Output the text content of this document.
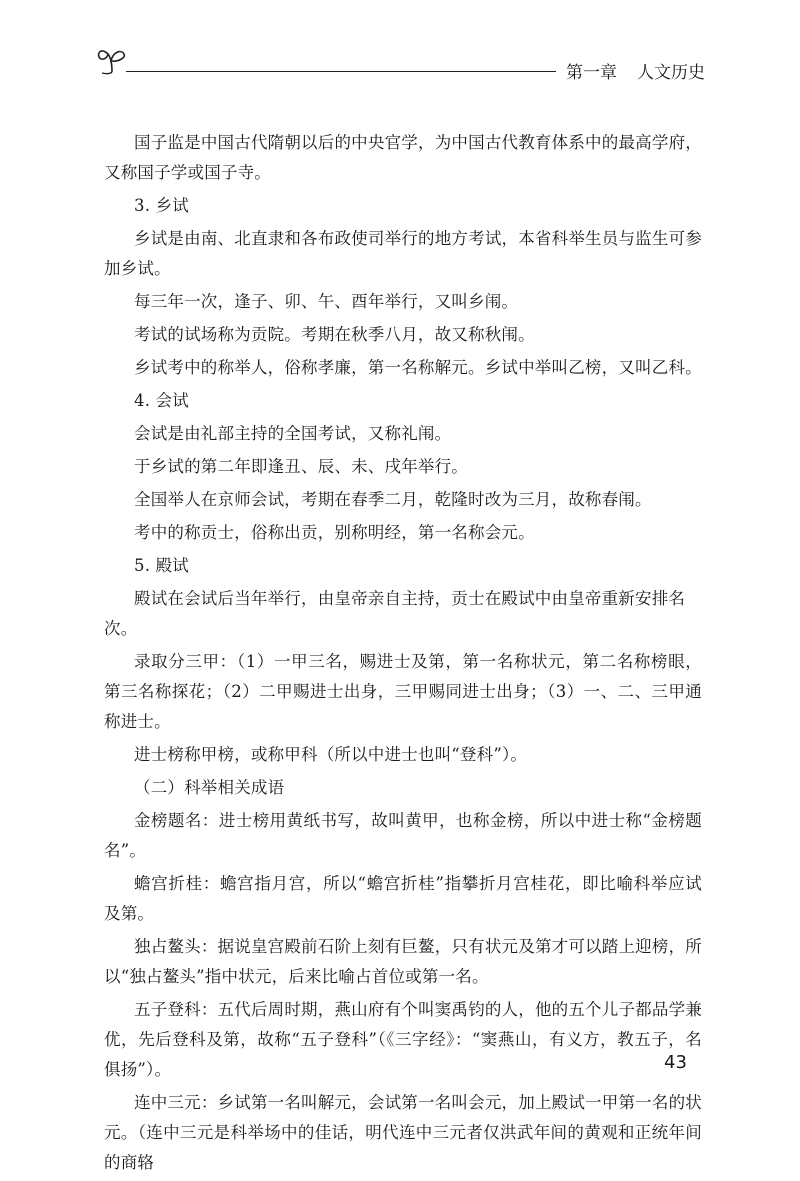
第一章 人文历史

国子监是中国古代隋朝以后的中央官学，为中国古代教育体系中的最高学府，又称国子学或国子寺。

3. 乡试

乡试是由南、北直隶和各布政使司举行的地方考试，本省科举生员与监生可参加乡试。

每三年一次，逢子、卯、午、酉年举行，又叫乡闱。

考试的试场称为贡院。考期在秋季八月，故又称秋闱。

乡试考中的称举人，俗称孝廉，第一名称解元。乡试中举叫乙榜，又叫乙科。

4. 会试

会试是由礼部主持的全国考试，又称礼闱。

于乡试的第二年即逢丑、辰、未、戌年举行。

全国举人在京师会试，考期在春季二月，乾隆时改为三月，故称春闱。

考中的称贡士，俗称出贡，别称明经，第一名称会元。

5. 殿试

殿试在会试后当年举行，由皇帝亲自主持，贡士在殿试中由皇帝重新安排名次。

录取分三甲：（1）一甲三名，赐进士及第，第一名称状元，第二名称榜眼，第三名称探花；（2）二甲赐进士出身，三甲赐同进士出身；（3）一、二、三甲通称进士。

进士榜称甲榜，或称甲科（所以中进士也叫“登科”）。

（二）科举相关成语

金榜题名：进士榜用黄纸书写，故叫黄甲，也称金榜，所以中进士称“金榜题名”。

蟾宫折桂：蟾宫指月宫，所以“蟾宫折桂”指攀折月宫桂花，即比喻科举应试及第。

独占鳌头：据说皇宫殿前石阶上刻有巨鳌，只有状元及第才可以踏上迎榜，所以“独占鳌头”指中状元，后来比喻占首位或第一名。

五子登科：五代后周时期，燕山府有个叫窦禹钧的人，他的五个儿子都品学兼优，先后登科及第，故称“五子登科”（《三字经》：“窦燕山，有义方，教五子，名俱扬”）。

连中三元：乡试第一名叫解元，会试第一名叫会元，加上殿试一甲第一名的状元。（连中三元是科举场中的佳话，明代连中三元者仅洪武年间的黄观和正统年间的商辂

43
